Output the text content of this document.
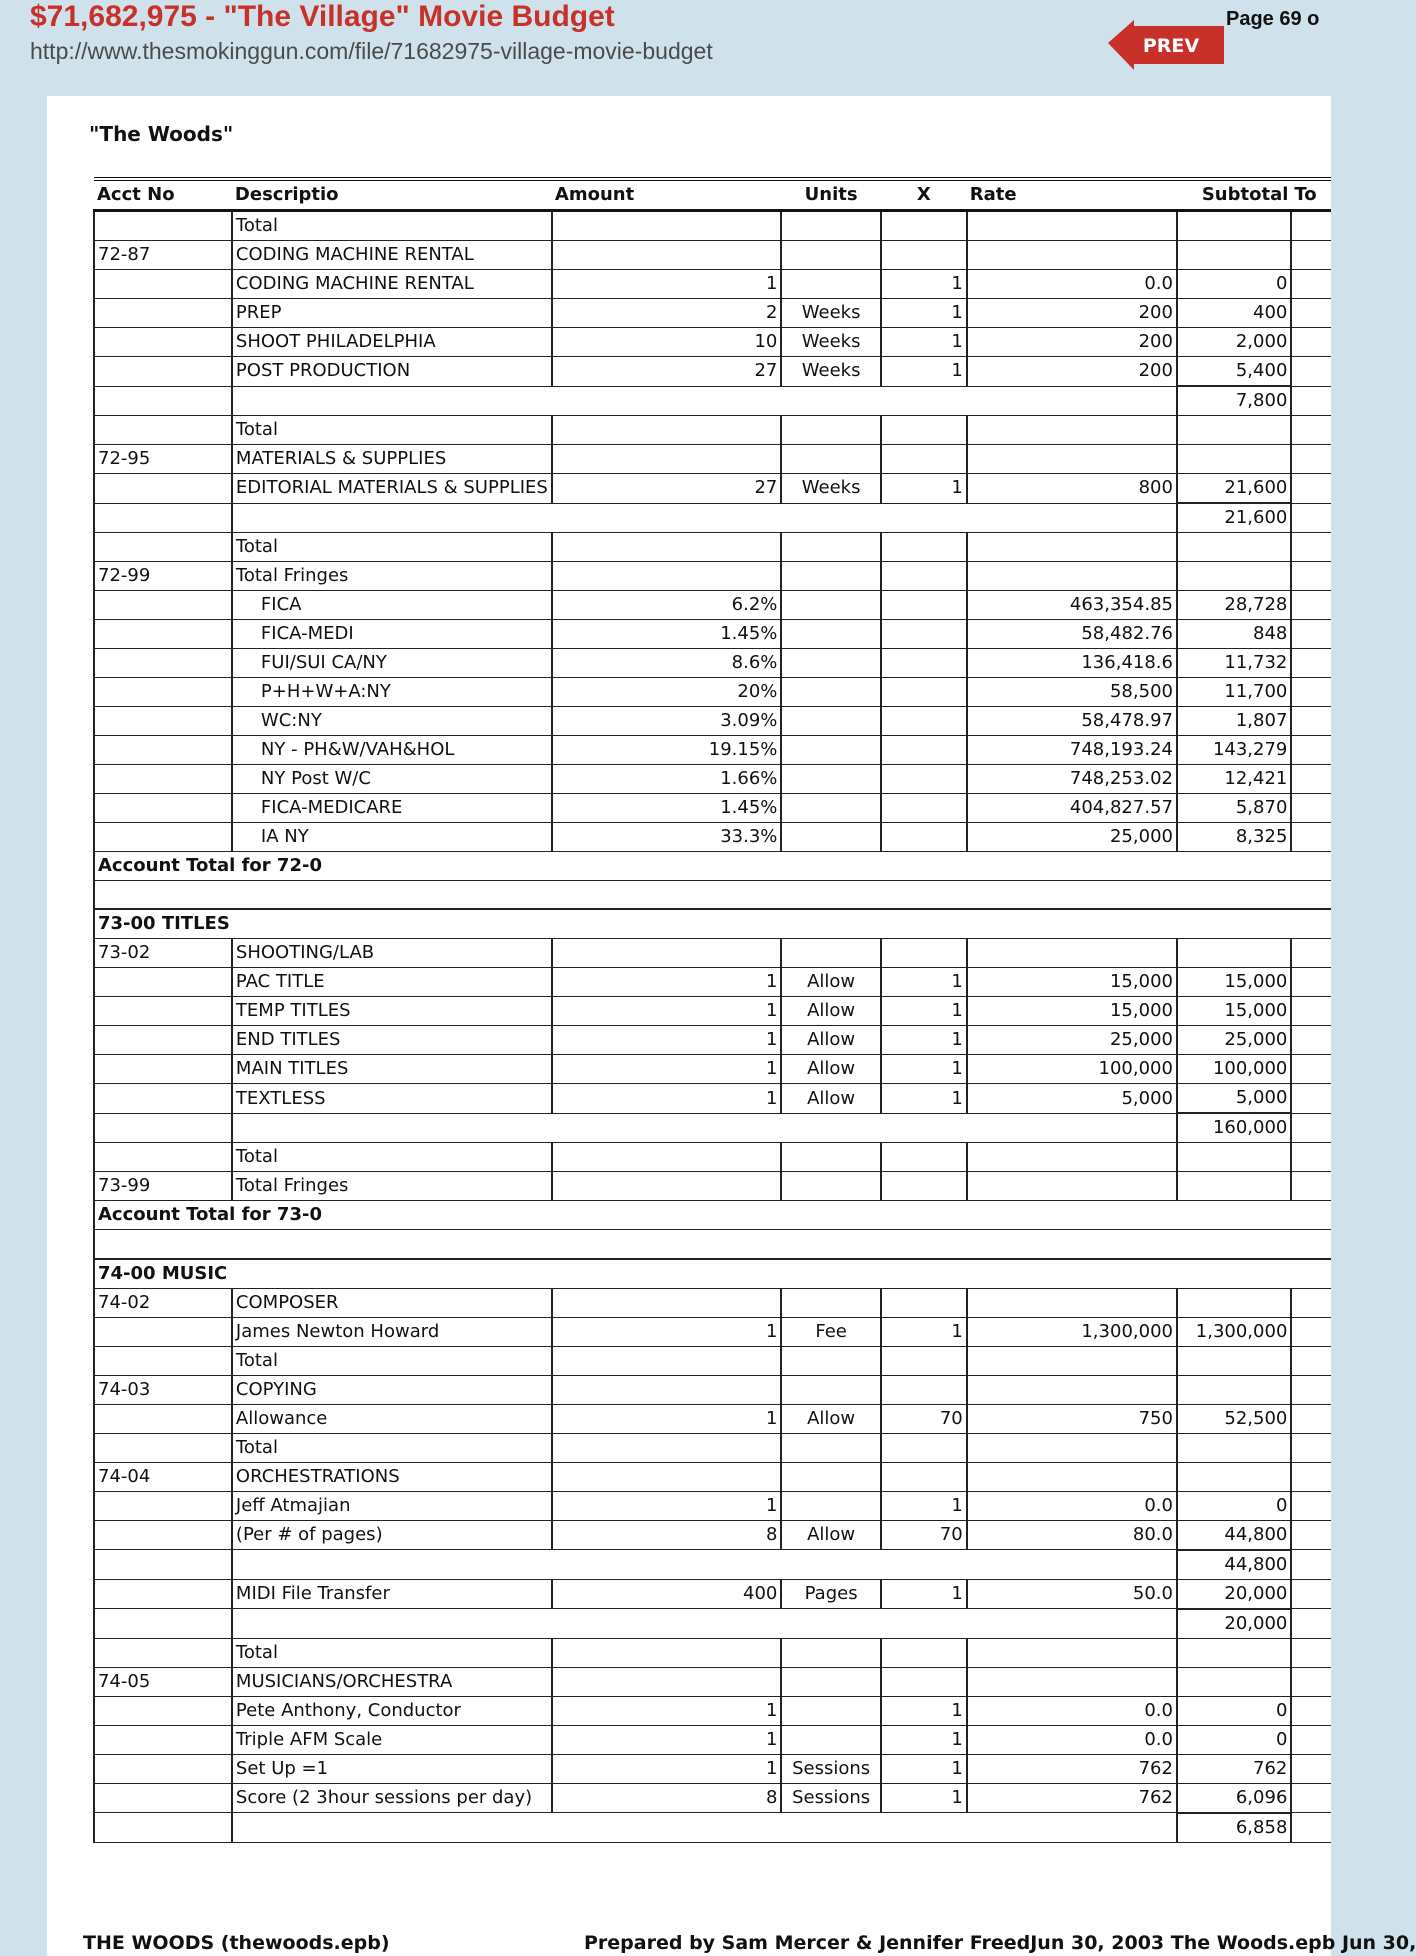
$71,682,975 - "The Village" Movie Budget
http://www.thesmokinggun.com/file/71682975-village-movie-budget	PREV
Page 69 o
"The Woods"
Acct No	Descriptio	Amount	Units	X	Rate	Subtotal	To
	Total						
72-87	CODING MACHINE RENTAL						
	CODING MACHINE RENTAL	1		1	0.0	0	
	PREP	2	Weeks	1	200	400	
	SHOOT PHILADELPHIA	10	Weeks	1	200	2,000	
	POST PRODUCTION	27	Weeks	1	200	5,400	
						7,800	
	Total						
72-95	MATERIALS & SUPPLIES						
	EDITORIAL MATERIALS & SUPPLIES	27	Weeks	1	800	21,600	
						21,600	
	Total						
72-99	Total Fringes						
	FICA	6.2%			463,354.85	28,728	
	FICA-MEDI	1.45%			58,482.76	848	
	FUI/SUI CA/NY	8.6%			136,418.6	11,732	
	P+H+W+A:NY	20%			58,500	11,700	
	WC:NY	3.09%			58,478.97	1,807	
	NY - PH&W/VAH&HOL	19.15%			748,193.24	143,279	
	NY Post W/C	1.66%			748,253.02	12,421	
	FICA-MEDICARE	1.45%			404,827.57	5,870	
	IA NY	33.3%			25,000	8,325	
Account Total for 72-0							

73-00 TITLES							
73-02	SHOOTING/LAB						
	PAC TITLE	1	Allow	1	15,000	15,000	
	TEMP TITLES	1	Allow	1	15,000	15,000	
	END TITLES	1	Allow	1	25,000	25,000	
	MAIN TITLES	1	Allow	1	100,000	100,000	
	TEXTLESS	1	Allow	1	5,000	5,000	
						160,000	
	Total						
73-99	Total Fringes						
Account Total for 73-0							

74-00 MUSIC							
74-02	COMPOSER						
	James Newton Howard	1	Fee	1	1,300,000	1,300,000	
	Total						
74-03	COPYING						
	Allowance	1	Allow	70	750	52,500	
	Total						
74-04	ORCHESTRATIONS						
	Jeff Atmajian	1		1	0.0	0	
	(Per # of pages)	8	Allow	70	80.0	44,800	
						44,800	
	MIDI File Transfer	400	Pages	1	50.0	20,000	
						20,000	
	Total						
74-05	MUSICIANS/ORCHESTRA						
	Pete Anthony, Conductor	1		1	0.0	0	
	Triple AFM Scale	1		1	0.0	0	
	Set Up =1	1	Sessions	1	762	762	
	Score (2 3hour sessions per day)	8	Sessions	1	762	6,096	
						6,858	
THE WOODS (thewoods.epb)	Prepared by Sam Mercer & Jennifer FreedJun 30, 2003 The Woods.epb Jun 30,
